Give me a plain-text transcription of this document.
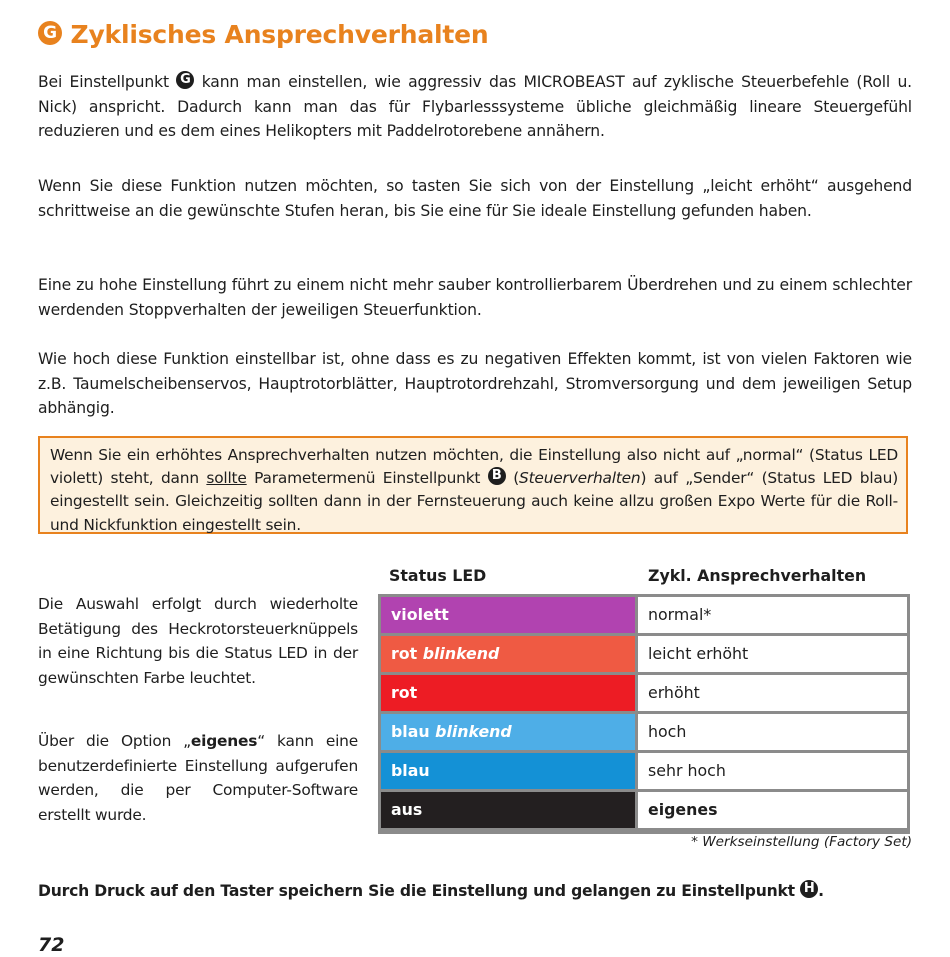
G Zyklisches Ansprechverhalten
Bei Einstellpunkt G kann man einstellen, wie aggressiv das MICROBEAST auf zyklische Steuerbefehle (Roll u. Nick) anspricht. Dadurch kann man das für Flybarlesssysteme übliche gleichmäßig lineare Steuergefühl reduzieren und es dem eines Helikopters mit Paddelrotorebene annähern.
Wenn Sie diese Funktion nutzen möchten, so tasten Sie sich von der Einstellung „leicht erhöht“ ausgehend schrittweise an die gewünschte Stufen heran, bis Sie eine für Sie ideale Einstellung gefunden haben.
Eine zu hohe Einstellung führt zu einem nicht mehr sauber kontrollierbarem Überdrehen und zu einem schlechter werdenden Stoppverhalten der jeweiligen Steuerfunktion.
Wie hoch diese Funktion einstellbar ist, ohne dass es zu negativen Effekten kommt, ist von vielen Faktoren wie z.B. Taumelscheibenservos, Hauptrotorblätter, Hauptrotordrehzahl, Stromversorgung und dem jeweiligen Setup abhängig.
Wenn Sie ein erhöhtes Ansprechverhalten nutzen möchten, die Einstellung also nicht auf „normal“ (Status LED violett) steht, dann sollte Parametermenü Einstellpunkt B (Steuerverhalten) auf „Sender“ (Status LED blau) eingestellt sein. Gleichzeitig sollten dann in der Fernsteuerung auch keine allzu großen Expo Werte für die Roll- und Nickfunktion eingestellt sein.
Die Auswahl erfolgt durch wiederholte Betätigung des Heckrotorsteuerknüppels in eine Richtung bis die Status LED in der gewünschten Farbe leuchtet.
Über die Option „eigenes“ kann eine benutzerdefinierte Einstellung aufgerufen werden, die per Computer-Software erstellt wurde.
Status LED	Zykl. Ansprechverhalten
violett	normal*
rot blinkend	leicht erhöht
rot	erhöht
blau blinkend	hoch
blau	sehr hoch
aus	eigenes
* Werkseinstellung (Factory Set)
Durch Druck auf den Taster speichern Sie die Einstellung und gelangen zu Einstellpunkt H .
72
